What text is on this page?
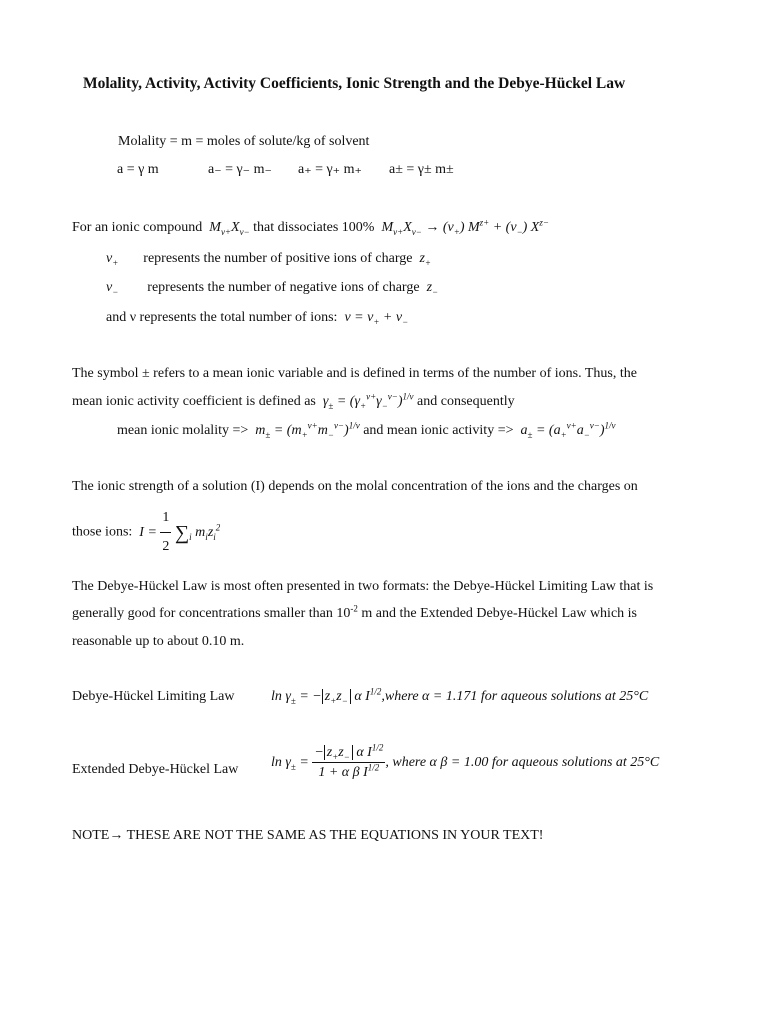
Molality, Activity, Activity Coefficients, Ionic Strength and the Debye-Hückel Law
Molality = m = moles of solute/kg of solvent
a = γ m	a₋ = γ₋ m₋ a₊ = γ₊ m₊ a± = γ± m±
For an ionic compound  $M_{\nu+}X_{\nu-}$ that dissociates 100%  $M_{\nu+}X_{\nu-} \to (\nu_+) M^{z+} + (\nu_-)$ $X^{z-}$
$\nu_+$ represents the number of positive ions of charge  $z_+$
$\nu_-$ represents the number of negative ions of charge  $z_-$
and ν represents the total number of ions:  $\nu = \nu_+ + \nu_-$
The symbol ± refers to a mean ionic variable and is defined in terms of the number of ions. Thus, the
mean ionic activity coefficient is defined as  $\gamma_\pm = (\gamma_+^{\nu+}\gamma_-^{\nu-})^{1/\nu}$ and consequently
mean ionic molality =>  $m_\pm = (m_+^{\nu+}m_-^{\nu-})^{1/\nu}$ and mean ionic activity =>  $a_\pm = (a_+^{\nu+}a_-^{\nu-})^{1/\nu}$
The ionic strength of a solution (I) depends on the molal concentration of the ions and the charges on
those ions:  $I = \frac{1}{2} \sum_i$ $m_iz_i^2$
The Debye-Hückel Law is most often presented in two formats: the Debye-Hückel Limiting Law that is
generally good for concentrations smaller than $10^{-2}$ m and the Extended Debye-Hückel Law which is
reasonable up to about 0.10 m.
Debye-Hückel Limiting Law	$\ln \gamma_\pm$ = − $z_+z_-$ α $I^{1/2},where$ α = 1.171 for aqueous solutions at 25°C
Extended Debye-Hückel Law $\ln \gamma_\pm = \frac{- z_+z_- \alpha I^{1/2}}{1 + \alpha \beta I^{1/2}}$ , where α β = 1.00 for aqueous solutions at 25°C
NOTE→ THESE ARE NOT THE SAME AS THE EQUATIONS IN YOUR TEXT!
